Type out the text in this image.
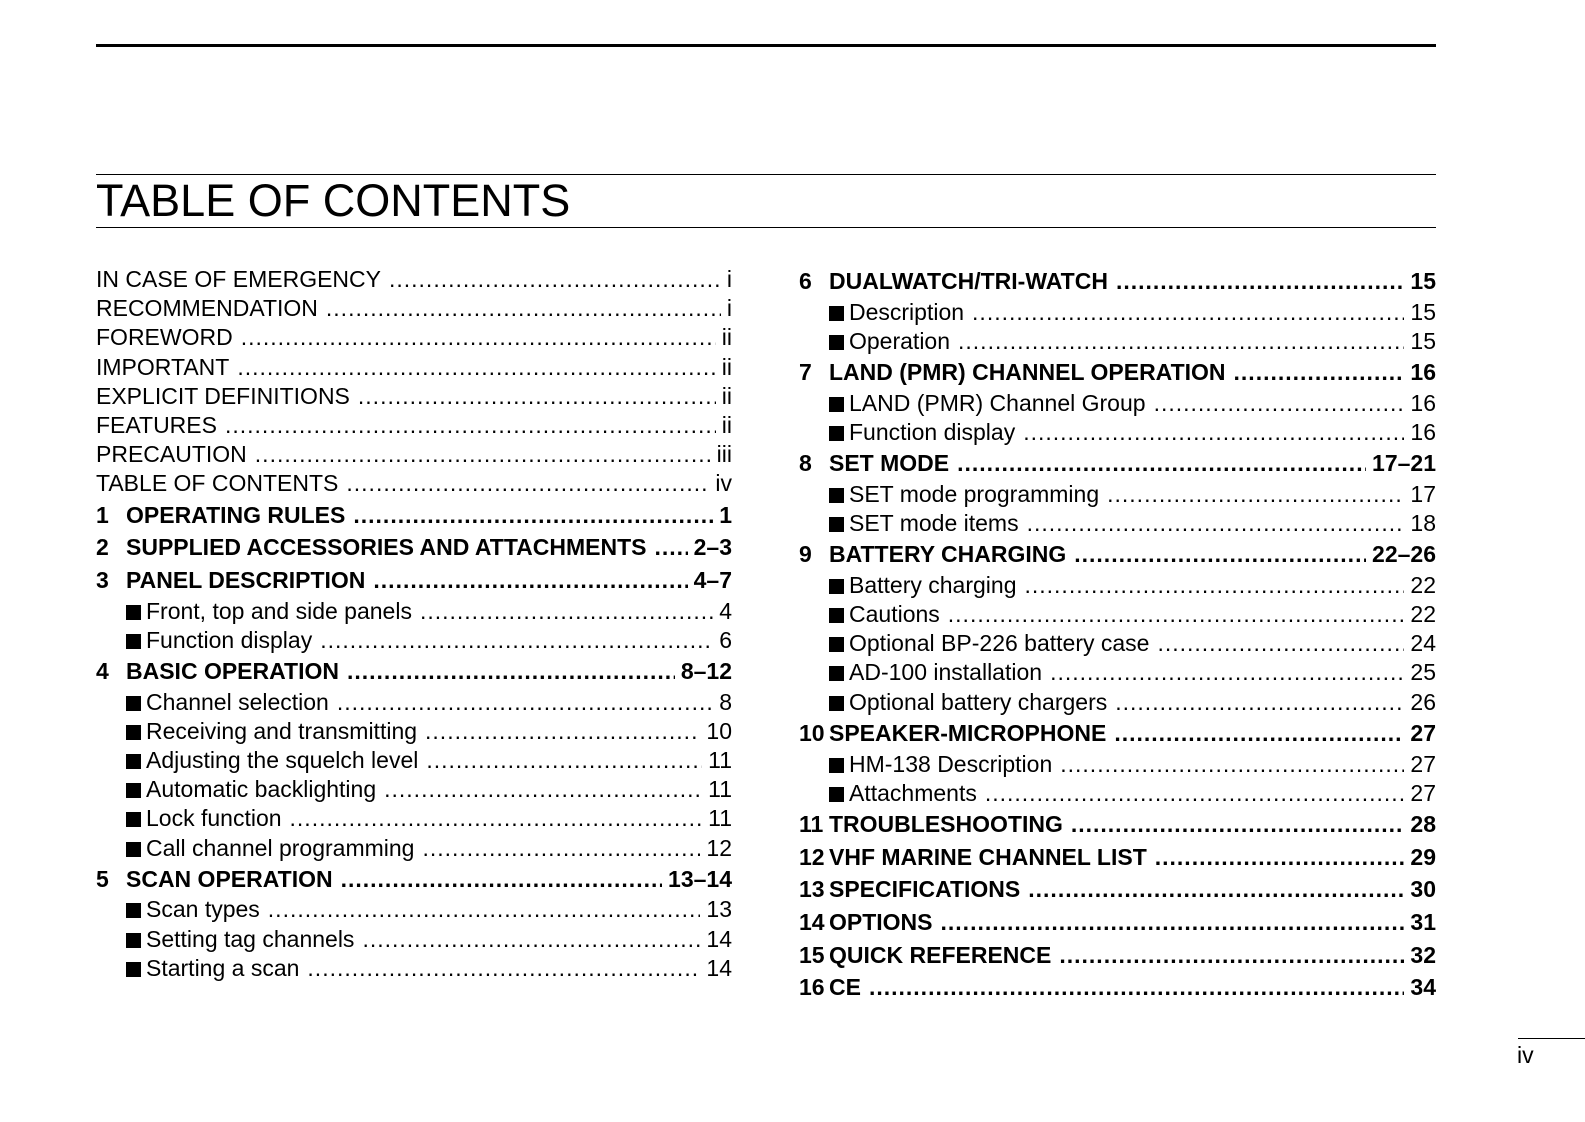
TABLE OF CONTENTS
IN CASE OF EMERGENCY .....	i
RECOMMENDATION .....	i
FOREWORD .....	ii
IMPORTANT .....	ii
EXPLICIT DEFINITIONS .....	ii
FEATURES .....	ii
PRECAUTION .....	iii
TABLE OF CONTENTS .....	iv
1 OPERATING RULES .....	1
2 SUPPLIED ACCESSORIES AND ATTACHMENTS ..... 2–3
3 PANEL DESCRIPTION .....	4–7
Front, top and side panels .....	4
Function display .....	6
4 BASIC OPERATION .....	8–12
Channel selection .....	8
Receiving and transmitting .....	10
Adjusting the squelch level .....	11
Automatic backlighting .....	11
Lock function .....	11
Call channel programming .....	12
5 SCAN OPERATION .....	13–14
Scan types .....	13
Setting tag channels .....	14
Starting a scan .....	14
6 DUALWATCH/TRI-WATCH .....	15
Description .....	15
Operation .....	15
7 LAND (PMR) CHANNEL OPERATION .....	16
LAND (PMR) Channel Group .....	16
Function display .....	16
8 SET MODE .....	17–21
SET mode programming .....	17
SET mode items .....	18
9 BATTERY CHARGING .....	22–26
Battery charging .....	22
Cautions .....	22
Optional BP-226 battery case .....	24
AD-100 installation .....	25
Optional battery chargers .....	26
10 SPEAKER-MICROPHONE .....	27
HM-138 Description .....	27
Attachments .....	27
11 TROUBLESHOOTING .....	28
12 VHF MARINE CHANNEL LIST .....	29
13 SPECIFICATIONS .....	30
14 OPTIONS .....	31
15 QUICK REFERENCE .....	32
16 CE .....	34
iv
